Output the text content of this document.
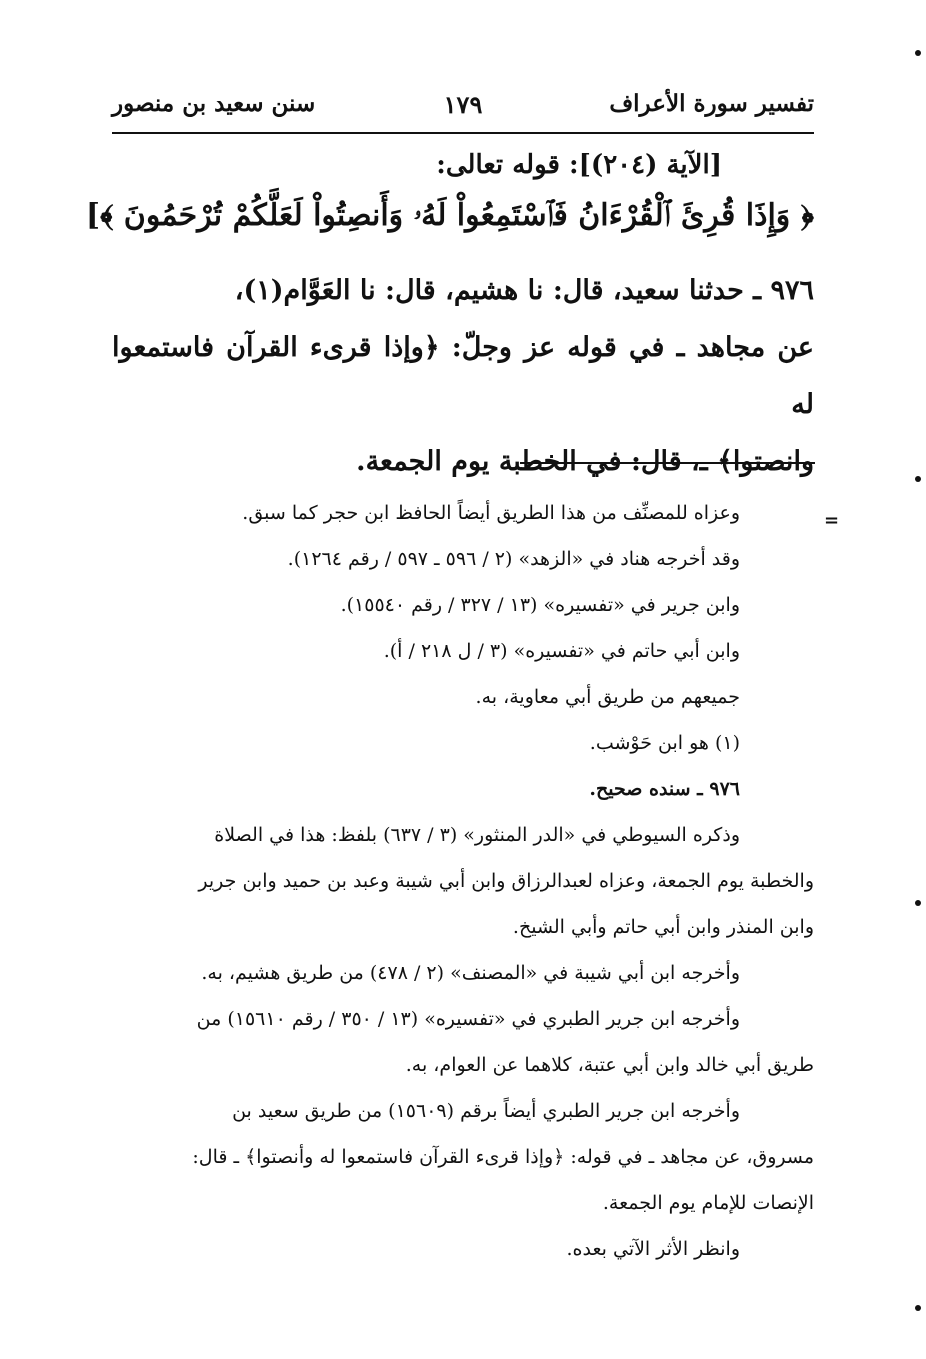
تفسير سورة الأعراف
١٧٩
سنن سعيد بن منصور
[الآية (٢٠٤)]: قوله تعالى:
﴿ وَإِذَا قُرِئَ ٱلْقُرْءَانُ فَٱسْتَمِعُواْ لَهُۥ وَأَنصِتُواْ لَعَلَّكُمْ تُرْحَمُونَ ﴾]
٩٧٦ ـ حدثنا سعيد، قال: نا هشيم، قال: نا العَوَّام(١)،
عن مجاهد ـ في قوله عز وجلّ: ﴿وإذا قرىء القرآن فاستمعوا له
وانصتوا﴾ ـ، قال: في الخطبة يوم الجمعة.
=
وعزاه للمصنِّف من هذا الطريق أيضاً الحافظ ابن حجر كما سبق.
وقد أخرجه هناد في «الزهد» (٢ / ٥٩٦ ـ ٥٩٧ / رقم ١٢٦٤).
وابن جرير في «تفسيره» (١٣ / ٣٢٧ / رقم ١٥٥٤٠).
وابن أبي حاتم في «تفسيره» (٣ / ل ٢١٨ / أ).
جميعهم من طريق أبي معاوية، به.
(١) هو ابن حَوْشب.
٩٧٦ ـ سنده صحيح.
وذكره السيوطي في «الدر المنثور» (٣ / ٦٣٧) بلفظ: هذا في الصلاة
والخطبة يوم الجمعة، وعزاه لعبدالرزاق وابن أبي شيبة وعبد بن حميد وابن جرير
وابن المنذر وابن أبي حاتم وأبي الشيخ.
وأخرجه ابن أبي شيبة في «المصنف» (٢ / ٤٧٨) من طريق هشيم، به.
وأخرجه ابن جرير الطبري في «تفسيره» (١٣ / ٣٥٠ / رقم ١٥٦١٠) من
طريق أبي خالد وابن أبي عتبة، كلاهما عن العوام، به.
وأخرجه ابن جرير الطبري أيضاً برقم (١٥٦٠٩) من طريق سعيد بن
مسروق، عن مجاهد ـ في قوله: ﴿وإذا قرىء القرآن فاستمعوا له وأنصتوا﴾ ـ قال:
الإنصات للإمام يوم الجمعة.
وانظر الأثر الآتي بعده.
